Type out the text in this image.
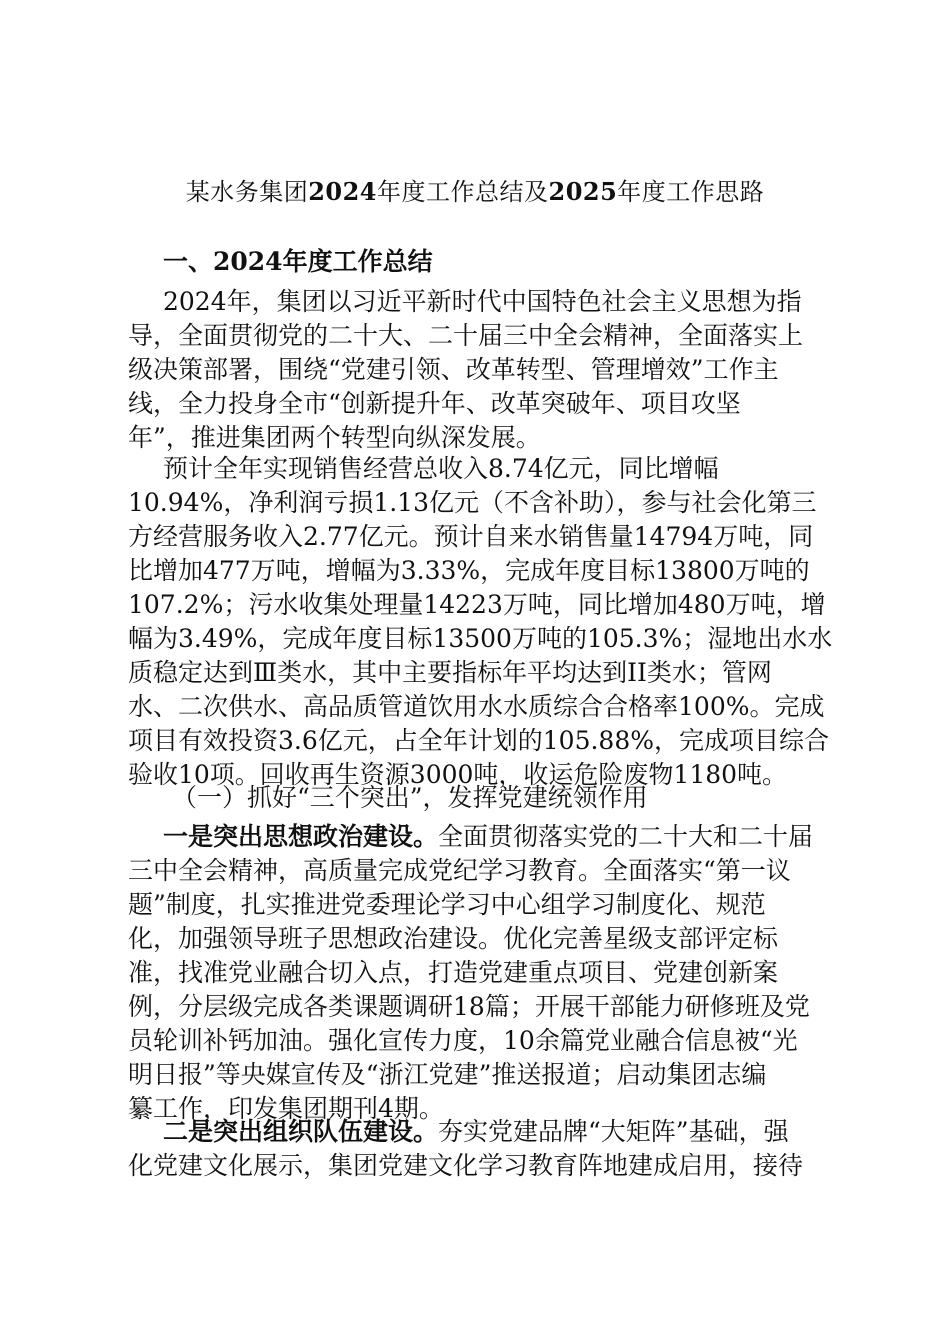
某水务集团2024年度工作总结及2025年度工作思路
一、2024年度工作总结
2024年，集团以习近平新时代中国特色社会主义思想为指
导，全面贯彻党的二十大、二十届三中全会精神，全面落实上
级决策部署，围绕“党建引领、改革转型、管理增效”工作主
线，全力投身全市“创新提升年、改革突破年、项目攻坚
年”，推进集团两个转型向纵深发展。
预计全年实现销售经营总收入8.74亿元，同比增幅
10.94%，净利润亏损1.13亿元（不含补助），参与社会化第三
方经营服务收入2.77亿元。预计自来水销售量14794万吨，同
比增加477万吨，增幅为3.33%，完成年度目标13800万吨的
107.2%；污水收集处理量14223万吨，同比增加480万吨，增
幅为3.49%，完成年度目标13500万吨的105.3%；湿地出水水
质稳定达到Ⅲ类水，其中主要指标年平均达到II类水；管网
水、二次供水、高品质管道饮用水水质综合合格率100%。完成
项目有效投资3.6亿元，占全年计划的105.88%，完成项目综合
验收10项。回收再生资源3000吨，收运危险废物1180吨。
（一）抓好“三个突出”，发挥党建统领作用
一是突出思想政治建设。全面贯彻落实党的二十大和二十届
三中全会精神，高质量完成党纪学习教育。全面落实“第一议
题”制度，扎实推进党委理论学习中心组学习制度化、规范
化，加强领导班子思想政治建设。优化完善星级支部评定标
准，找准党业融合切入点，打造党建重点项目、党建创新案
例，分层级完成各类课题调研18篇；开展干部能力研修班及党
员轮训补钙加油。强化宣传力度，10余篇党业融合信息被“光
明日报”等央媒宣传及“浙江党建”推送报道；启动集团志编
纂工作，印发集团期刊4期。
二是突出组织队伍建设。夯实党建品牌“大矩阵”基础，强
化党建文化展示，集团党建文化学习教育阵地建成启用，接待
